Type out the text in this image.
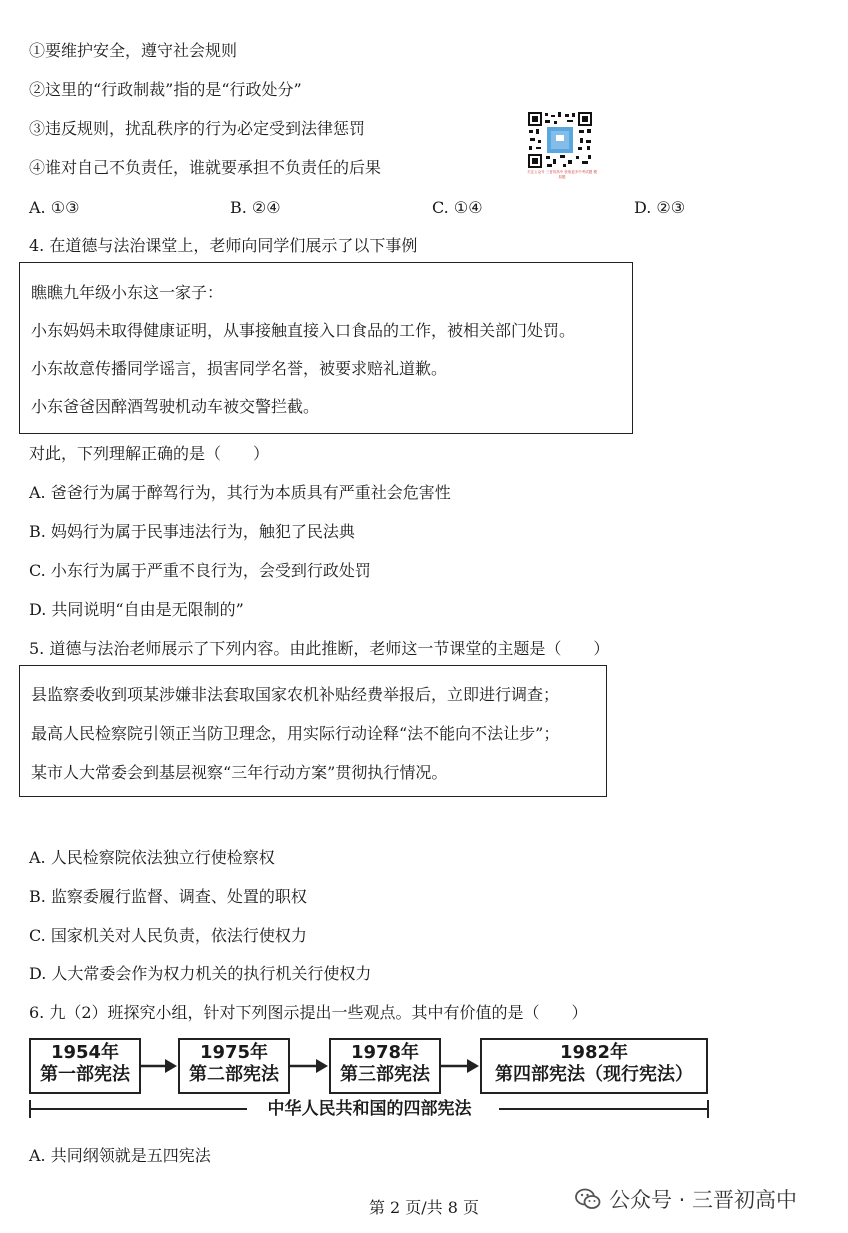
①要维护安全，遵守社会规则
②这里的“行政制裁”指的是“行政处分”
③违反规则，扰乱秩序的行为必定受到法律惩罚
④谁对自己不负责任，谁就要承担不负责任的后果	关注公众号 三晋初高中 获取更多中考试题 模拟题
A. ①③	B. ②④	C. ①④	D. ②③
4. 在道德与法治课堂上，老师向同学们展示了以下事例
瞧瞧九年级小东这一家子：
小东妈妈未取得健康证明，从事接触直接入口食品的工作，被相关部门处罚。
小东故意传播同学谣言，损害同学名誉，被要求赔礼道歉。
小东爸爸因醉酒驾驶机动车被交警拦截。
对此，下列理解正确的是（　　）
A. 爸爸行为属于醉驾行为，其行为本质具有严重社会危害性
B. 妈妈行为属于民事违法行为，触犯了民法典
C. 小东行为属于严重不良行为，会受到行政处罚
D. 共同说明“自由是无限制的”
5. 道德与法治老师展示了下列内容。由此推断，老师这一节课堂的主题是（　　）
县监察委收到项某涉嫌非法套取国家农机补贴经费举报后，立即进行调查；
最高人民检察院引领正当防卫理念，用实际行动诠释“法不能向不法让步”；
某市人大常委会到基层视察“三年行动方案”贯彻执行情况。
A. 人民检察院依法独立行使检察权
B. 监察委履行监督、调查、处置的职权
C. 国家机关对人民负责，依法行使权力
D. 人大常委会作为权力机关的执行机关行使权力
6. 九（2）班探究小组，针对下列图示提出一些观点。其中有价值的是（　　）
1954年
第一部宪法
1975年
第二部宪法
1978年
第三部宪法
1982年
第四部宪法（现行宪法）
中华人民共和国的四部宪法
A. 共同纲领就是五四宪法
第 2 页/共 8 页	公众号 · 三晋初高中
